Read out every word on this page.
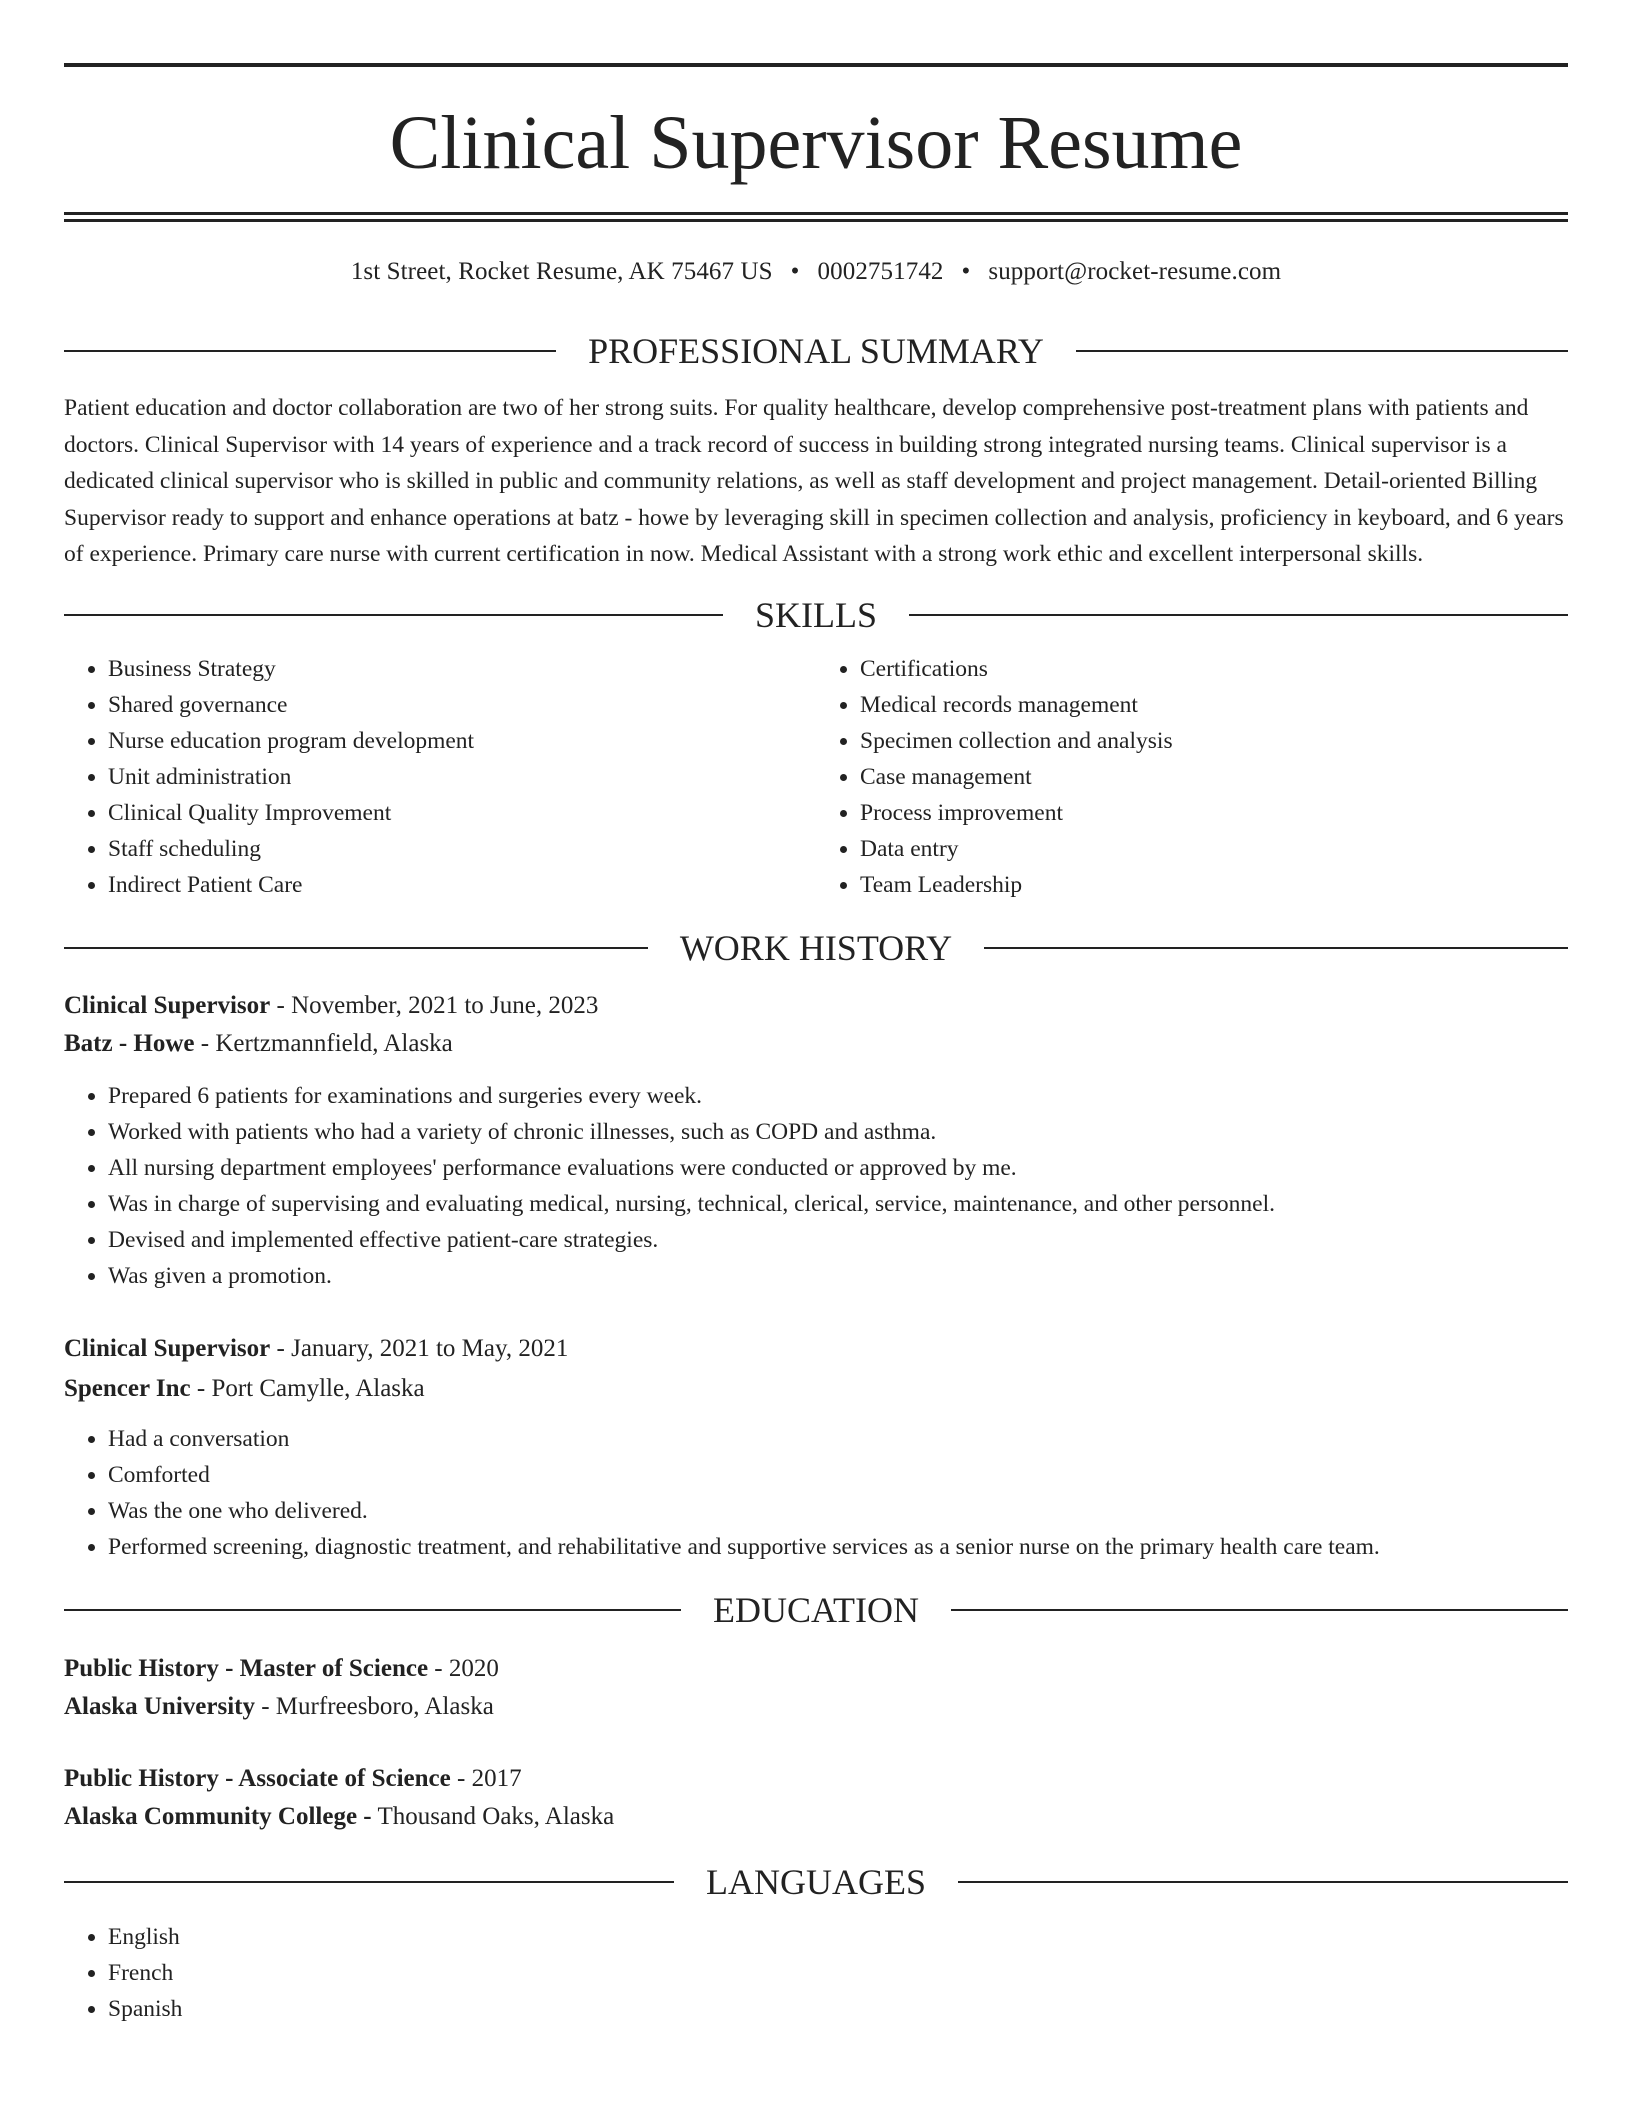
Clinical Supervisor Resume
1st Street, Rocket Resume, AK 75467 US • 0002751742 • support@rocket-resume.com
PROFESSIONAL SUMMARY

Patient education and doctor collaboration are two of her strong suits. For quality healthcare, develop comprehensive post-treatment plans with patients and doctors. Clinical Supervisor with 14 years of experience and a track record of success in building strong integrated nursing teams. Clinical supervisor is a dedicated clinical supervisor who is skilled in public and community relations, as well as staff development and project management. Detail-oriented Billing Supervisor ready to support and enhance operations at batz - howe by leveraging skill in specimen collection and analysis, proficiency in keyboard, and 6 years of experience. Primary care nurse with current certification in now. Medical Assistant with a strong work ethic and excellent interpersonal skills.

SKILLS
• Business Strategy
• Shared governance
• Nurse education program development
• Unit administration
• Clinical Quality Improvement
• Staff scheduling
• Indirect Patient Care
• Certifications
• Medical records management
• Specimen collection and analysis
• Case management
• Process improvement
• Data entry
• Team Leadership
WORK HISTORY
Clinical Supervisor - November, 2021 to June, 2023
Batz - Howe - Kertzmannfield, Alaska
• Prepared 6 patients for examinations and surgeries every week.
• Worked with patients who had a variety of chronic illnesses, such as COPD and asthma.
• All nursing department employees' performance evaluations were conducted or approved by me.
• Was in charge of supervising and evaluating medical, nursing, technical, clerical, service, maintenance, and other personnel.
• Devised and implemented effective patient-care strategies.
• Was given a promotion.
Clinical Supervisor - January, 2021 to May, 2021
Spencer Inc - Port Camylle, Alaska
• Had a conversation
• Comforted
• Was the one who delivered.
• Performed screening, diagnostic treatment, and rehabilitative and supportive services as a senior nurse on the primary health care team.
EDUCATION
Public History - Master of Science - 2020
Alaska University - Murfreesboro, Alaska
Public History - Associate of Science - 2017
Alaska Community College - Thousand Oaks, Alaska
LANGUAGES
• English
• French
• Spanish
